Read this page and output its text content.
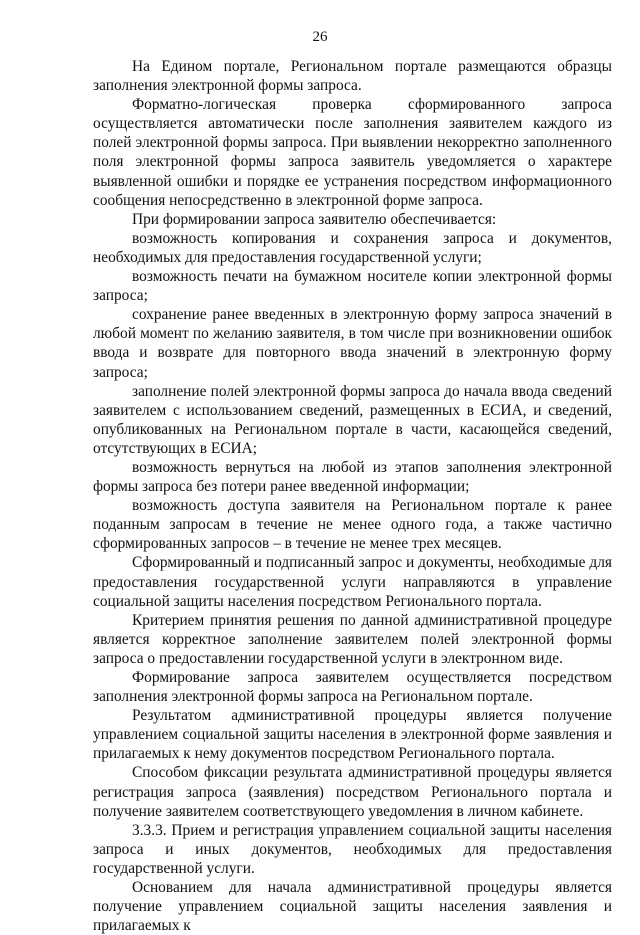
26

На Едином портале, Региональном портале размещаются образцы заполнения электронной формы запроса.

Форматно-логическая проверка сформированного запроса осуществляется автоматически после заполнения заявителем каждого из полей электронной формы запроса. При выявлении некорректно заполненного поля электронной формы запроса заявитель уведомляется о характере выявленной ошибки и порядке ее устранения посредством информационного сообщения непосредственно в электронной форме запроса.

При формировании запроса заявителю обеспечивается:

возможность копирования и сохранения запроса и документов, необходимых для предоставления государственной услуги;

возможность печати на бумажном носителе копии электронной формы запроса;

сохранение ранее введенных в электронную форму запроса значений в любой момент по желанию заявителя, в том числе при возникновении ошибок ввода и возврате для повторного ввода значений в электронную форму запроса;

заполнение полей электронной формы запроса до начала ввода сведений заявителем с использованием сведений, размещенных в ЕСИА, и сведений, опубликованных на Региональном портале в части, касающейся сведений, отсутствующих в ЕСИА;

возможность вернуться на любой из этапов заполнения электронной формы запроса без потери ранее введенной информации;

возможность доступа заявителя на Региональном портале к ранее поданным запросам в течение не менее одного года, а также частично сформированных запросов – в течение не менее трех месяцев.

Сформированный и подписанный запрос и документы, необходимые для предоставления государственной услуги направляются в управление социальной защиты населения посредством Регионального портала.

Критерием принятия решения по данной административной процедуре является корректное заполнение заявителем полей электронной формы запроса о предоставлении государственной услуги в электронном виде.

Формирование запроса заявителем осуществляется посредством заполнения электронной формы запроса на Региональном портале.

Результатом административной процедуры является получение управлением социальной защиты населения в электронной форме заявления и прилагаемых к нему документов посредством Регионального портала.

Способом фиксации результата административной процедуры является регистрация запроса (заявления) посредством Регионального портала и получение заявителем соответствующего уведомления в личном кабинете.

3.3.3. Прием и регистрация управлением социальной защиты населения запроса и иных документов, необходимых для предоставления государственной услуги.

Основанием для начала административной процедуры является получение управлением социальной защиты населения заявления и прилагаемых к
